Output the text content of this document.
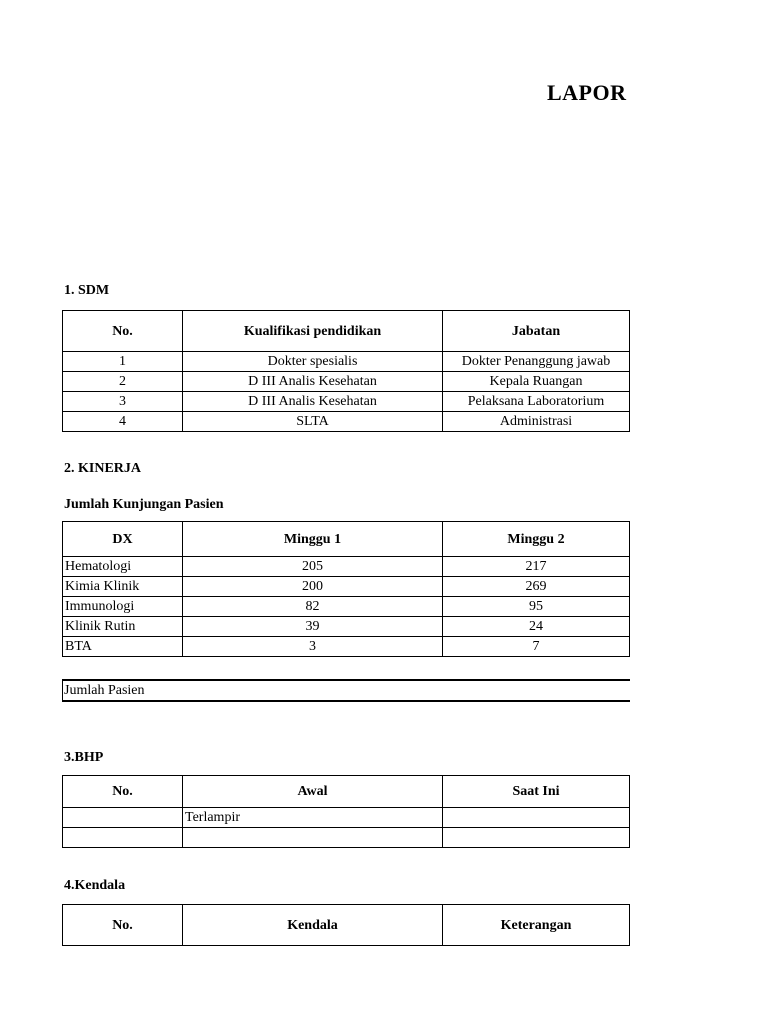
LAPOR
1. SDM
No.	Kualifikasi pendidikan	Jabatan
1	Dokter spesialis	Dokter Penanggung jawab
2	D III Analis Kesehatan	Kepala Ruangan
3	D III Analis Kesehatan	Pelaksana Laboratorium
4	SLTA	Administrasi
2. KINERJA
Jumlah Kunjungan Pasien
DX	Minggu 1	Minggu 2
Hematologi	205	217
Kimia Klinik	200	269
Immunologi	82	95
Klinik Rutin	39	24
BTA	3	7
Jumlah Pasien
3.BHP
No.	Awal	Saat Ini
	Terlampir	

4.Kendala
No.	Kendala	Keterangan
